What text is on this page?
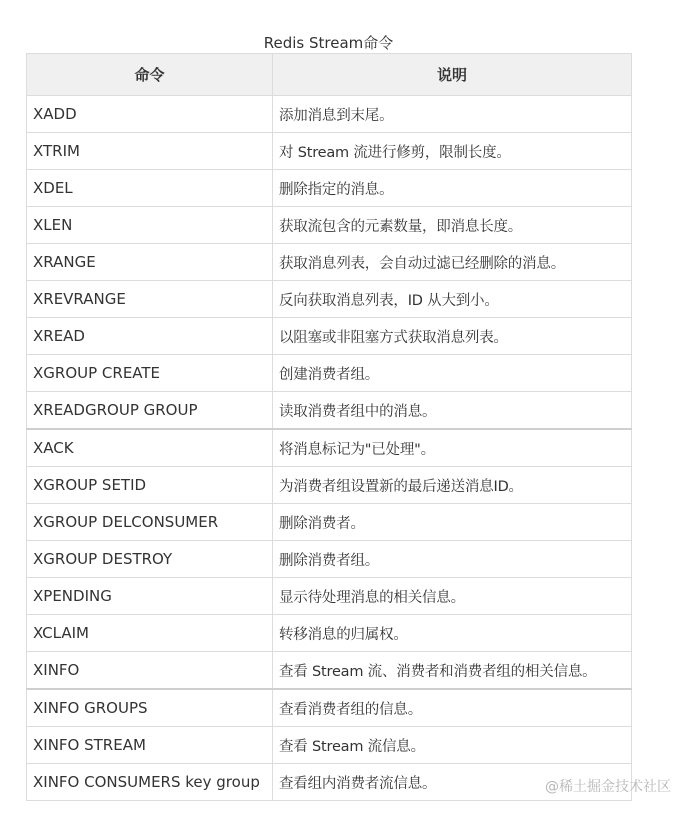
Redis Stream命令
命令	说明
XADD	添加消息到末尾。
XTRIM	对 Stream 流进行修剪，限制长度。
XDEL	删除指定的消息。
XLEN	获取流包含的元素数量，即消息长度。
XRANGE	获取消息列表，会自动过滤已经删除的消息。
XREVRANGE	反向获取消息列表，ID 从大到小。
XREAD	以阻塞或非阻塞方式获取消息列表。
XGROUP CREATE	创建消费者组。
XREADGROUP GROUP	读取消费者组中的消息。
XACK	将消息标记为"已处理"。
XGROUP SETID	为消费者组设置新的最后递送消息ID。
XGROUP DELCONSUMER	删除消费者。
XGROUP DESTROY	删除消费者组。
XPENDING	显示待处理消息的相关信息。
XCLAIM	转移消息的归属权。
XINFO	查看 Stream 流、消费者和消费者组的相关信息。
XINFO GROUPS	查看消费者组的信息。
XINFO STREAM	查看 Stream 流信息。
XINFO CONSUMERS key group	查看组内消费者流信息。	@稀土掘金技术社区
